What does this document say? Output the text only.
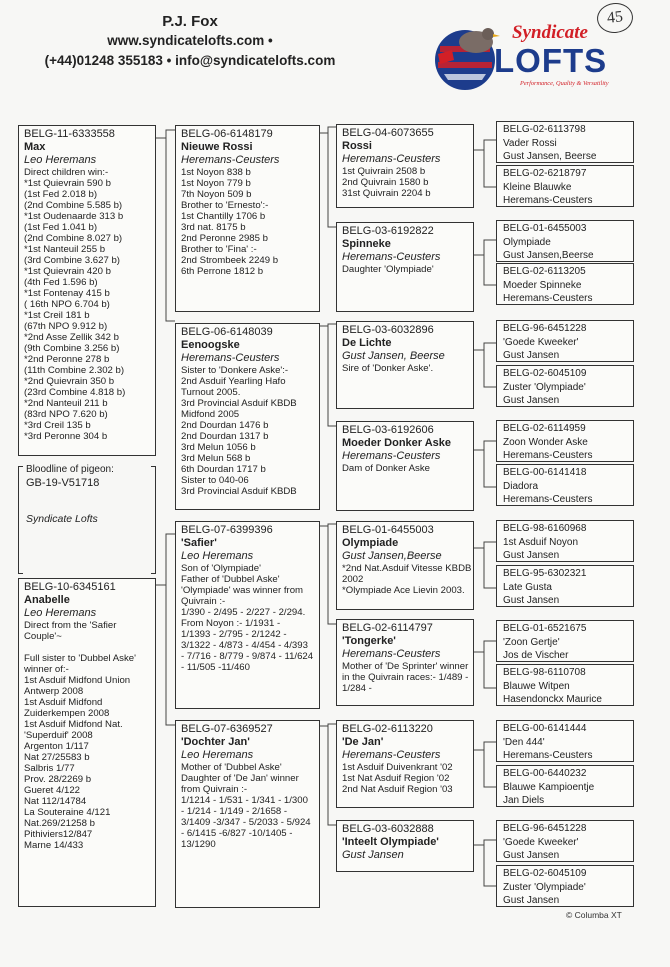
P.J. Fox
www.syndicatelofts.com •
(+44)01248 355183 • info@syndicatelofts.com
45
Syndicate
LOFTS
Performance, Quality & Versatility
BELG-11-6333558
Max
Leo Heremans
Direct children win:-
*1st Quievrain 590 b
(1st Fed 2.018 b)
(2nd Combine 5.585 b)
*1st Oudenaarde 313 b
(1st Fed 1.041 b)
(2nd Combine 8.027 b)
*1st Nanteuil 255 b
(3rd Combine 3.627 b)
*1st Quievrain 420 b
(4th Fed 1.596 b)
*1st Fontenay 415 b
( 16th NPO 6.704 b)
*1st Creil 181 b
(67th NPO 9.912 b)
*2nd Asse Zellik 342 b
(9th Combine 3.256 b)
*2nd Peronne 278 b
(11th Combine 2.302 b)
*2nd Quievrain 350 b
(23rd Combine 4.818 b)
*2nd Nanteuil 211 b
(83rd NPO 7.620 b)
*3rd Creil 135 b
*3rd Peronne 304 b
Bloodline of pigeon:
GB-19-V51718
Syndicate Lofts
BELG-10-6345161
Anabelle
Leo Heremans
Direct from the 'Safier
Couple'~

Full sister to 'Dubbel Aske'
winner of:-
1st Asduif Midfond Union
Antwerp 2008
1st Asduif Midfond
Zuiderkempen 2008
1st Asduif Midfond Nat.
'Superduif' 2008
Argenton 1/117
Nat 27/25583 b
Salbris 1/77
Prov. 28/2269 b
Gueret 4/122
Nat 112/14784
La Souteraine 4/121
Nat.269/21258 b
Pithiviers12/847
Marne 14/433
BELG-06-6148179
Nieuwe Rossi
Heremans-Ceusters
1st Noyon 838 b
1st Noyon 779 b
7th Noyon 509 b
Brother to 'Ernesto':-
1st Chantilly 1706 b
3rd nat. 8175 b
2nd Peronne 2985 b
Brother to 'Fina' :-
2nd Strombeek 2249 b
6th Perrone 1812 b
BELG-06-6148039
Eenoogske
Heremans-Ceusters
Sister to 'Donkere Aske':-
2nd Asduif Yearling Hafo
Turnout 2005.
3rd Provincial Asduif KBDB
Midfond 2005
2nd Dourdan 1476 b
2nd Dourdan 1317 b
3rd Melun 1056 b
3rd Melun 568 b
6th Dourdan 1717 b
Sister to 040-06
3rd Provincial Asduif KBDB
BELG-07-6399396
'Safier'
Leo Heremans
Son of 'Olympiade'
Father of 'Dubbel Aske'
'Olympiade' was winner from
Quivrain :-
1/390 - 2/495 - 2/227 - 2/294.
From Noyon :- 1/1931 -
1/1393 - 2/795 - 2/1242 -
3/1322 - 4/873 - 4/454 - 4/393
- 7/716 - 8/779 - 9/874 - 11/624
- 11/505 -11/460
BELG-07-6369527
'Dochter Jan'
Leo Heremans
Mother of 'Dubbel Aske'
Daughter of 'De Jan' winner
from Quivrain :-
1/1214 - 1/531 - 1/341 - 1/300
- 1/214 - 1/149 - 2/1658 -
3/1409 -3/347 - 5/2033 - 5/924
- 6/1415 -6/827 -10/1405 -
13/1290
BELG-04-6073655
Rossi
Heremans-Ceusters
1st Quivrain 2508 b
2nd Quivrain 1580 b
31st Quivrain 2204 b
BELG-03-6192822
Spinneke
Heremans-Ceusters
Daughter 'Olympiade'
BELG-03-6032896
De Lichte
Gust Jansen, Beerse
Sire of 'Donker Aske'.
BELG-03-6192606
Moeder Donker Aske
Heremans-Ceusters
Dam of Donker Aske
BELG-01-6455003
Olympiade
Gust Jansen,Beerse
*2nd Nat.Asduif Vitesse KBDB
2002
*Olympiade Ace Lievin 2003.
BELG-02-6114797
'Tongerke'
Heremans-Ceusters
Mother of 'De Sprinter' winner
in the Quivrain races:- 1/489 -
1/284 -
BELG-02-6113220
'De Jan'
Heremans-Ceusters
1st Asduif Duivenkrant '02
1st Nat Asduif Region '02
2nd Nat Asduif Region '03
BELG-03-6032888
'Inteelt Olympiade'
Gust Jansen
BELG-02-6113798
Vader Rossi
Gust Jansen, Beerse
BELG-02-6218797
Kleine Blauwke
Heremans-Ceusters
BELG-01-6455003
Olympiade
Gust Jansen,Beerse
BELG-02-6113205
Moeder Spinneke
Heremans-Ceusters
BELG-96-6451228
'Goede Kweeker'
Gust Jansen
BELG-02-6045109
Zuster 'Olympiade'
Gust Jansen
BELG-02-6114959
Zoon Wonder Aske
Heremans-Ceusters
BELG-00-6141418
Diadora
Heremans-Ceusters
BELG-98-6160968
1st Asduif Noyon
Gust Jansen
BELG-95-6302321
Late Gusta
Gust Jansen
BELG-01-6521675
'Zoon Gertje'
Jos de Vischer
BELG-98-6110708
Blauwe Witpen
Hasendonckx Maurice
BELG-00-6141444
'Den 444'
Heremans-Ceusters
BELG-00-6440232
Blauwe Kampioentje
Jan Diels
BELG-96-6451228
'Goede Kweeker'
Gust Jansen
BELG-02-6045109
Zuster 'Olympiade'
Gust Jansen
© Columba XT
